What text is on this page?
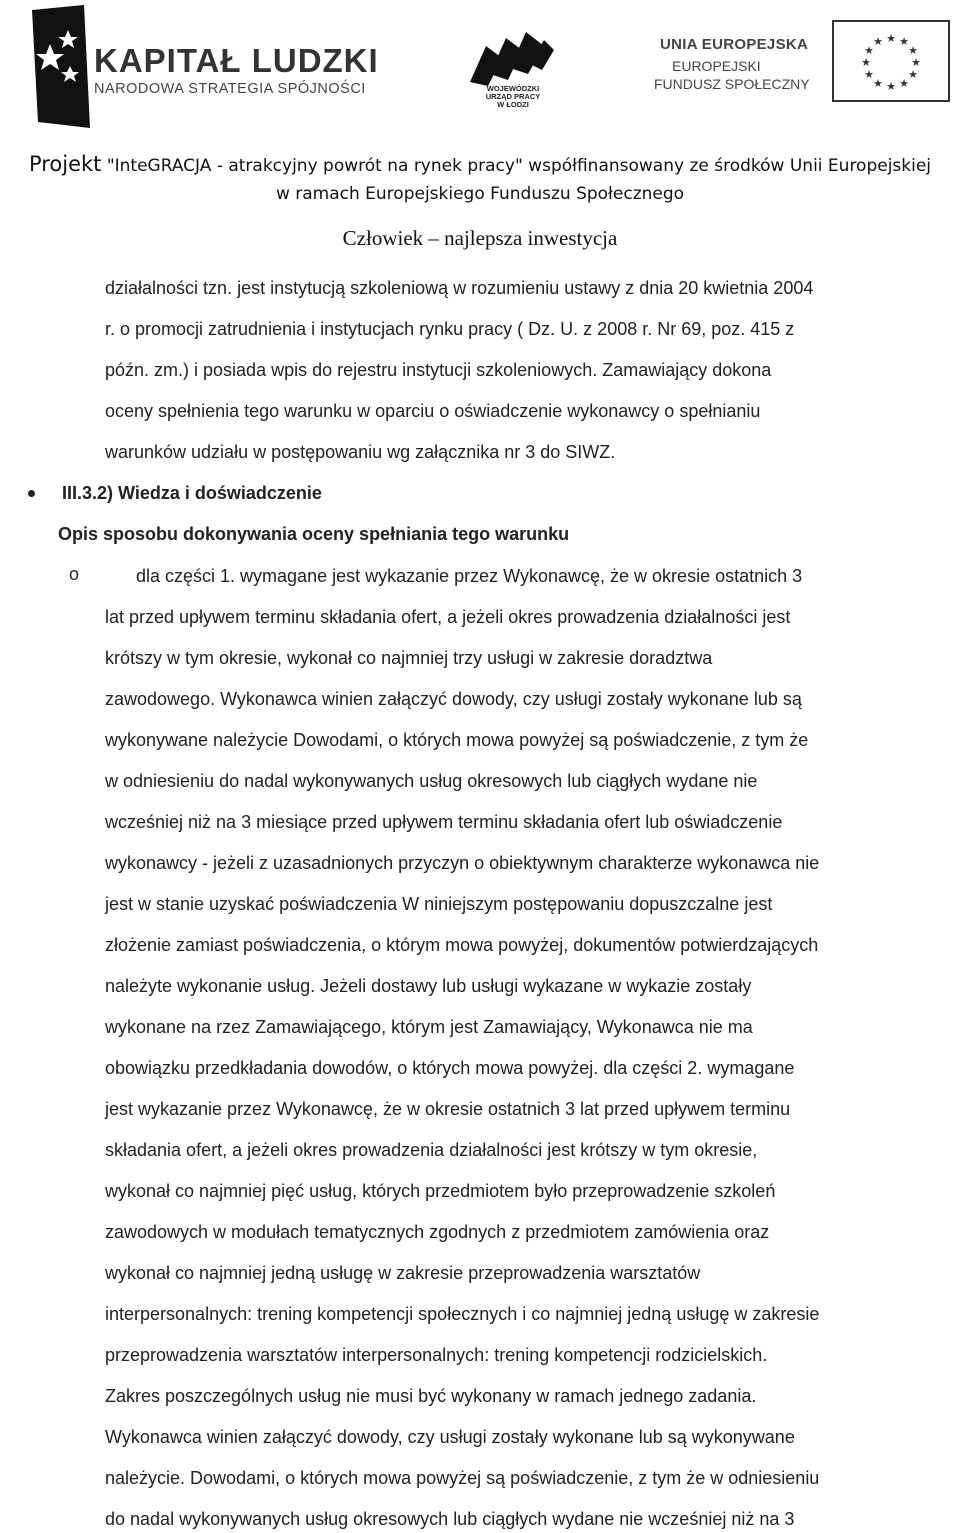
KAPITAŁ LUDZKI
NARODOWA STRATEGIA SPÓJNOŚCI	WOJEWÓDZKI
URZĄD PRACY
W ŁODZI
UNIA EUROPEJSKA
EUROPEJSKI
FUNDUSZ SPOŁECZNY
★ ★
★
★
★
★
★
★
★
★
★
★
Projekt "InteGRACJA - atrakcyjny powrót na rynek pracy" współfinansowany ze środków Unii Europejskiej
w ramach Europejskiego Funduszu Społecznego
Człowiek – najlepsza inwestycja
działalności tzn. jest instytucją szkoleniową w rozumieniu ustawy z dnia 20 kwietnia 2004
r. o promocji zatrudnienia i instytucjach rynku pracy ( Dz. U. z 2008 r. Nr 69, poz. 415 z
późn. zm.) i posiada wpis do rejestru instytucji szkoleniowych. Zamawiający dokona
oceny spełnienia tego warunku w oparciu o oświadczenie wykonawcy o spełnianiu
warunków udziału w postępowaniu wg załącznika nr 3 do SIWZ.
III.3.2) Wiedza i doświadczenie
Opis sposobu dokonywania oceny spełniania tego warunku
o	dla części 1. wymagane jest wykazanie przez Wykonawcę, że w okresie ostatnich 3
lat przed upływem terminu składania ofert, a jeżeli okres prowadzenia działalności jest
krótszy w tym okresie, wykonał co najmniej trzy usługi w zakresie doradztwa
zawodowego. Wykonawca winien załączyć dowody, czy usługi zostały wykonane lub są
wykonywane należycie Dowodami, o których mowa powyżej są poświadczenie, z tym że
w odniesieniu do nadal wykonywanych usług okresowych lub ciągłych wydane nie
wcześniej niż na 3 miesiące przed upływem terminu składania ofert lub oświadczenie
wykonawcy - jeżeli z uzasadnionych przyczyn o obiektywnym charakterze wykonawca nie
jest w stanie uzyskać poświadczenia W niniejszym postępowaniu dopuszczalne jest
złożenie zamiast poświadczenia, o którym mowa powyżej, dokumentów potwierdzających
należyte wykonanie usług. Jeżeli dostawy lub usługi wykazane w wykazie zostały
wykonane na rzez Zamawiającego, którym jest Zamawiający, Wykonawca nie ma
obowiązku przedkładania dowodów, o których mowa powyżej. dla części 2. wymagane
jest wykazanie przez Wykonawcę, że w okresie ostatnich 3 lat przed upływem terminu
składania ofert, a jeżeli okres prowadzenia działalności jest krótszy w tym okresie,
wykonał co najmniej pięć usług, których przedmiotem było przeprowadzenie szkoleń
zawodowych w modułach tematycznych zgodnych z przedmiotem zamówienia oraz
wykonał co najmniej jedną usługę w zakresie przeprowadzenia warsztatów
interpersonalnych: trening kompetencji społecznych i co najmniej jedną usługę w zakresie
przeprowadzenia warsztatów interpersonalnych: trening kompetencji rodzicielskich.
Zakres poszczególnych usług nie musi być wykonany w ramach jednego zadania.
Wykonawca winien załączyć dowody, czy usługi zostały wykonane lub są wykonywane
należycie. Dowodami, o których mowa powyżej są poświadczenie, z tym że w odniesieniu
do nadal wykonywanych usług okresowych lub ciągłych wydane nie wcześniej niż na 3
